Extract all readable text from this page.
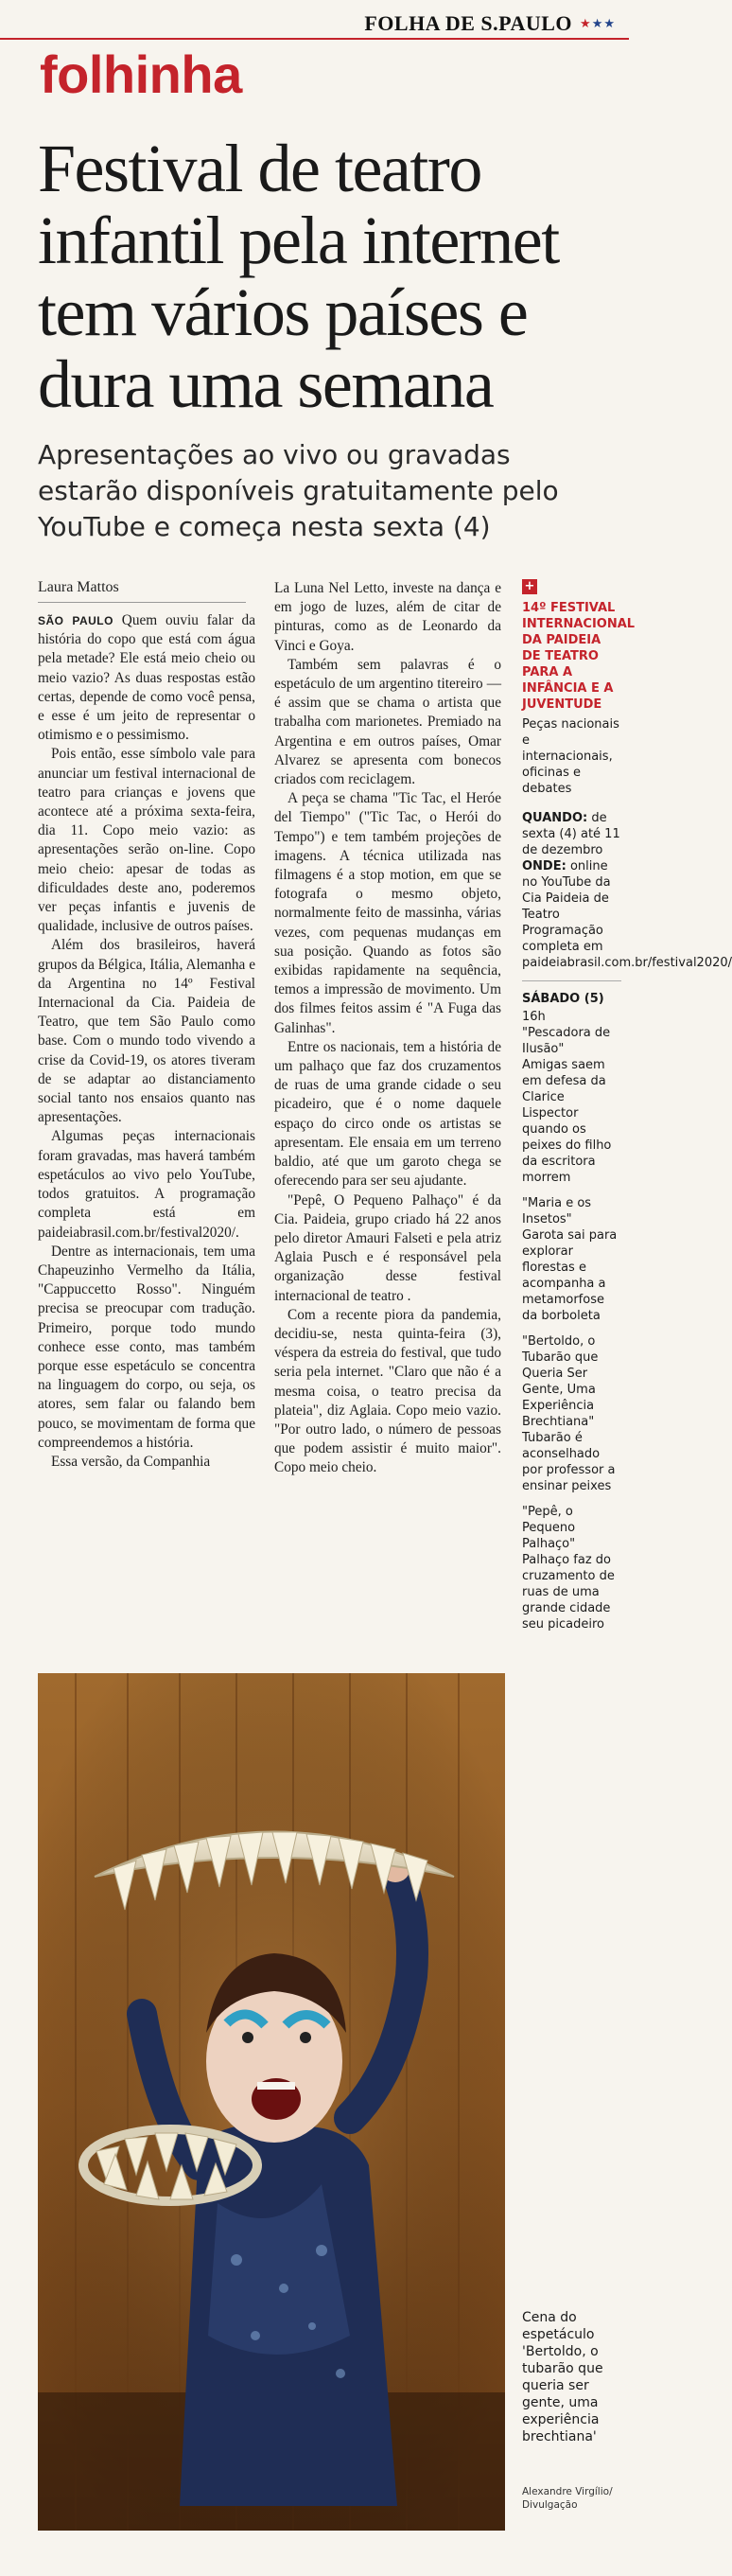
FOLHA DE S.PAULO ★★★
folhinha
Festival de teatro infantil pela internet tem vários países e dura uma semana
Apresentações ao vivo ou gravadas estarão disponíveis gratuitamente pelo YouTube e começa nesta sexta (4)
Laura Mattos

SÃO PAULO Quem ouviu falar da história do copo que está com água pela metade? Ele está meio cheio ou meio vazio? As duas respostas estão certas, depende de como você pensa, e esse é um jeito de representar o otimismo e o pessimismo.

Pois então, esse símbolo vale para anunciar um festival internacional de teatro para crianças e jovens que acontece até a próxima sexta-feira, dia 11. Copo meio vazio: as apresentações serão on-line. Copo meio cheio: apesar de todas as dificuldades deste ano, poderemos ver peças infantis e juvenis de qualidade, inclusive de outros países.

Além dos brasileiros, haverá grupos da Bélgica, Itália, Alemanha e da Argentina no 14º Festival Internacional da Cia. Paideia de Teatro, que tem São Paulo como base. Com o mundo todo vivendo a crise da Covid-19, os atores tiveram de se adaptar ao distanciamento social tanto nos ensaios quanto nas apresentações.

Algumas peças internacionais foram gravadas, mas haverá também espetáculos ao vivo pelo YouTube, todos gratuitos. A programação completa está em paideiabrasil.com.br/festival2020/.

Dentre as internacionais, tem uma Chapeuzinho Vermelho da Itália, "Cappuccetto Rosso". Ninguém precisa se preocupar com tradução. Primeiro, porque todo mundo conhece esse conto, mas também porque esse espetáculo se concentra na linguagem do corpo, ou seja, os atores, sem falar ou falando bem pouco, se movimentam de forma que compreendemos a história.

Essa versão, da Companhia

La Luna Nel Letto, investe na dança e em jogo de luzes, além de citar de pinturas, como as de Leonardo da Vinci e Goya.

Também sem palavras é o espetáculo de um argentino titereiro —é assim que se chama o artista que trabalha com marionetes. Premiado na Argentina e em outros países, Omar Alvarez se apresenta com bonecos criados com reciclagem.

A peça se chama "Tic Tac, el Heróe del Tiempo" ("Tic Tac, o Herói do Tempo") e tem também projeções de imagens. A técnica utilizada nas filmagens é a stop motion, em que se fotografa o mesmo objeto, normalmente feito de massinha, várias vezes, com pequenas mudanças em sua posição. Quando as fotos são exibidas rapidamente na sequência, temos a impressão de movimento. Um dos filmes feitos assim é "A Fuga das Galinhas".

Entre os nacionais, tem a história de um palhaço que faz dos cruzamentos de ruas de uma grande cidade o seu picadeiro, que é o nome daquele espaço do circo onde os artistas se apresentam. Ele ensaia em um terreno baldio, até que um garoto chega se oferecendo para ser seu ajudante.

"Pepê, O Pequeno Palhaço" é da Cia. Paideia, grupo criado há 22 anos pelo diretor Amauri Falseti e pela atriz Aglaia Pusch e é responsável pela organização desse festival internacional de teatro .

Com a recente piora da pandemia, decidiu-se, nesta quinta-feira (3), véspera da estreia do festival, que tudo seria pela internet. "Claro que não é a mesma coisa, o teatro precisa da plateia", diz Aglaia. Copo meio vazio. "Por outro lado, o número de pessoas que podem assistir é muito maior". Copo meio cheio.

+
14º FESTIVAL INTERNACIONAL DA PAIDEIA DE TEATRO PARA A INFÂNCIA E A JUVENTUDE
Peças nacionais e internacionais, oficinas e debates
QUANDO: de sexta (4) até 11 de dezembro
ONDE: online no YouTube da Cia Paideia de Teatro Programação completa em paideiabrasil.com.br/festival2020/
SÁBADO (5)
16h
"Pescadora de Ilusão"
Amigas saem em defesa da Clarice Lispector quando os peixes do filho da escritora morrem
"Maria e os Insetos"
Garota sai para explorar florestas e acompanha a metamorfose da borboleta
"Bertoldo, o Tubarão que Queria Ser Gente, Uma Experiência Brechtiana"
Tubarão é aconselhado por professor a ensinar peixes
"Pepê, o Pequeno Palhaço"
Palhaço faz do cruzamento de ruas de uma grande cidade seu picadeiro
Cena do espetáculo 'Bertoldo, o tubarão que queria ser gente, uma experiência brechtiana'
Alexandre Virgílio/ Divulgação
